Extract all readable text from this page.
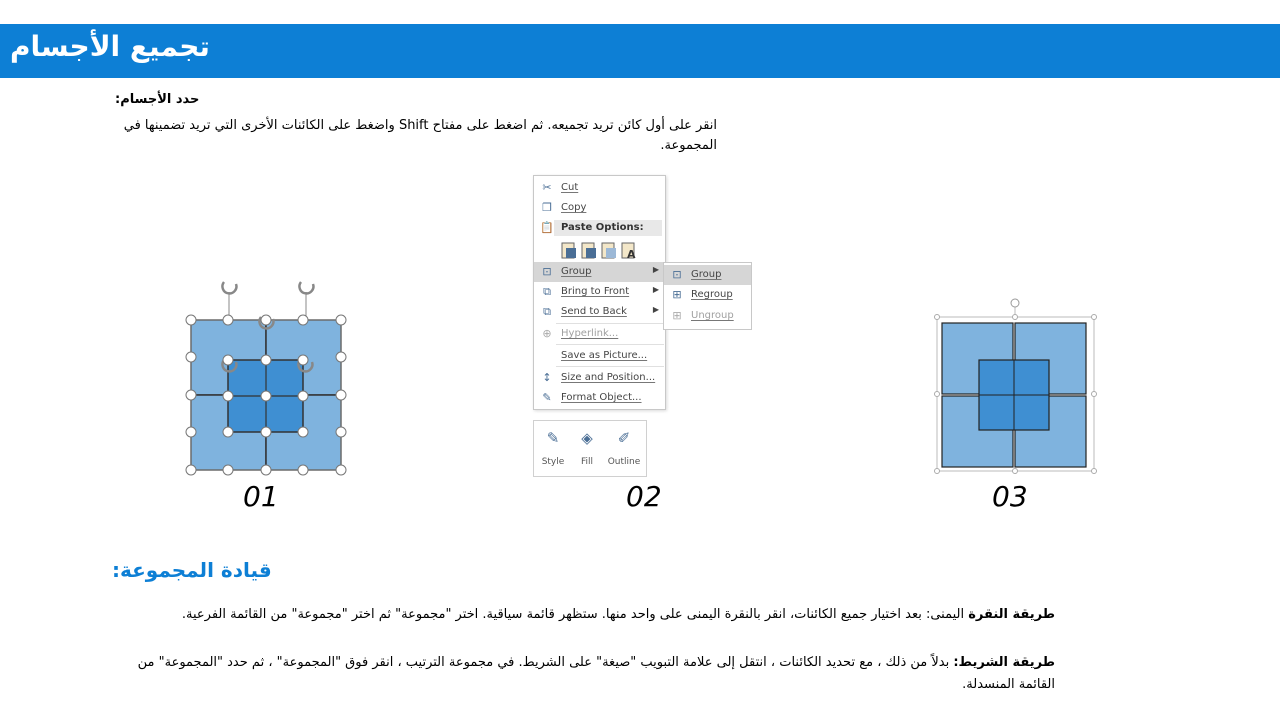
تجميع الأجسام
حدد الأجسام:
انقر على أول كائن تريد تجميعه. ثم اضغط على مفتاح Shift واضغط على الكائنات الأخرى التي تريد تضمينها في المجموعة.
01
✂ Cut
❐ Copy
📋 Paste Options:
A
⊡ Group	▶
⧉	Bring to Front	▶
⧉	Send to Back	▶
⊕ Hyperlink...
Save as Picture...
↕ Size and Position...
✎ Format Object...
⊡ Group
⊞ Regroup
⊞ Ungroup
✎
Style
◈
Fill
✐
Outline
02	03
قيادة المجموعة:
طريقة النقرة اليمنى: بعد اختيار جميع الكائنات، انقر بالنقرة اليمنى على واحد منها. ستظهر قائمة سياقية. اختر "مجموعة" ثم اختر "مجموعة" من القائمة الفرعية.
طريقة الشريط: بدلاً من ذلك ، مع تحديد الكائنات ، انتقل إلى علامة التبويب "صيغة" على الشريط. في مجموعة الترتيب ، انقر فوق "المجموعة" ، ثم حدد "المجموعة" من القائمة المنسدلة.
